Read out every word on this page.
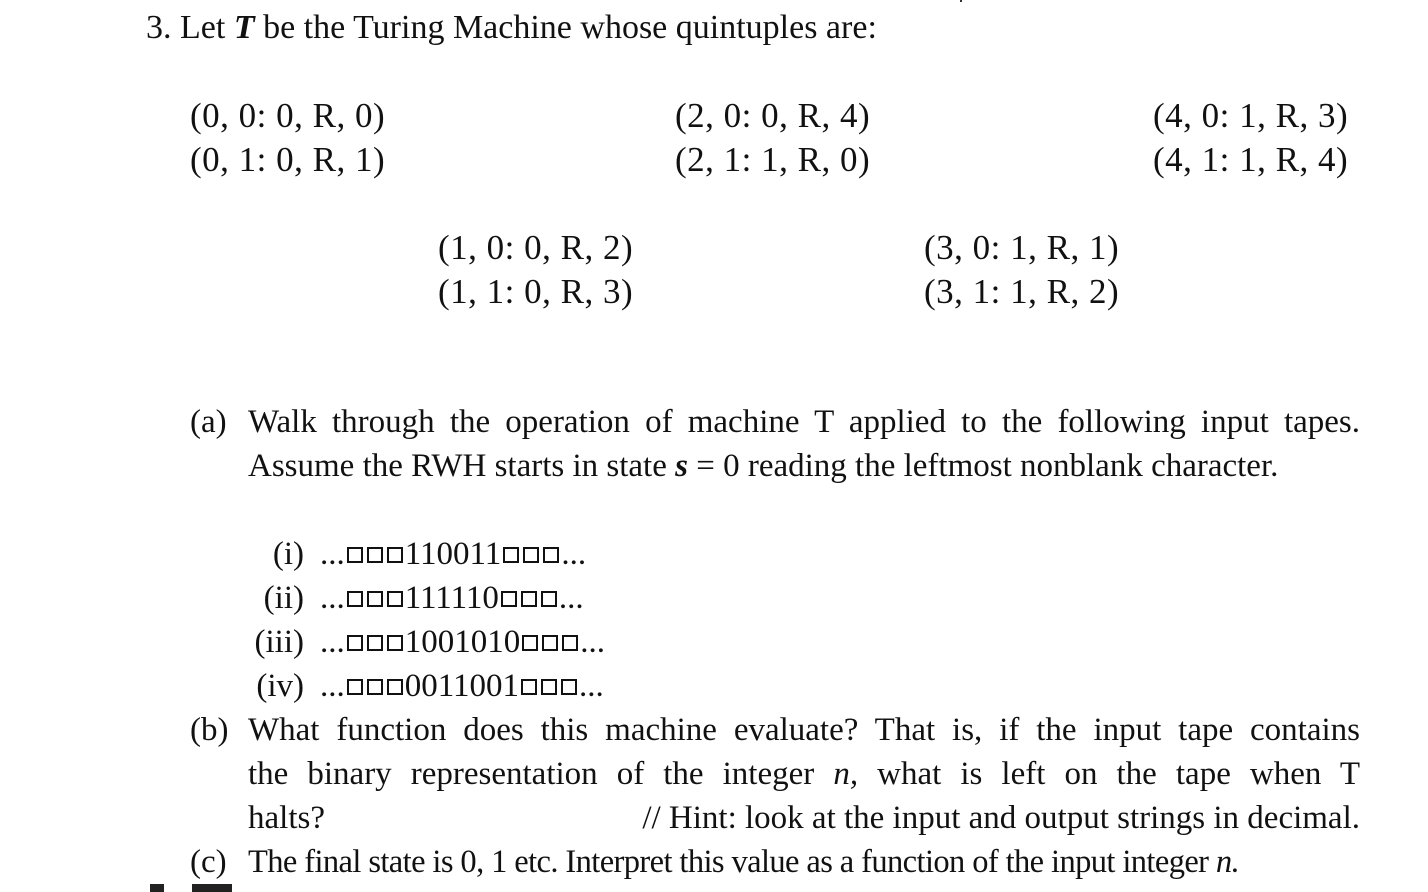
3. Let T be the Turing Machine whose quintuples are:
(0, 0: 0, R, 0)
(0, 1: 0, R, 1)
(2, 0: 0, R, 4)
(2, 1: 1, R, 0)
(4, 0: 1, R, 3)
(4, 1: 1, R, 4)
(1, 0: 0, R, 2)
(1, 1: 0, R, 3)
(3, 0: 1, R, 1)
(3, 1: 1, R, 2)
(a) Walk through the operation of machine T applied to the following input tapes. Assume the RWH starts in state s = 0 reading the leftmost nonblank character.
(i) ... 110011 ...
(ii) ... 111110 ...
(iii) ... 1001010 ...
(iv) ... 0011001 ...
(b) What function does this machine evaluate? That is, if the input tape contains
the binary representation of the integer n, what is left on the tape when T
halts?	// Hint: look at the input and output strings in decimal.
(c) The final state is 0, 1 etc. Interpret this value as a function of the input integer n.
